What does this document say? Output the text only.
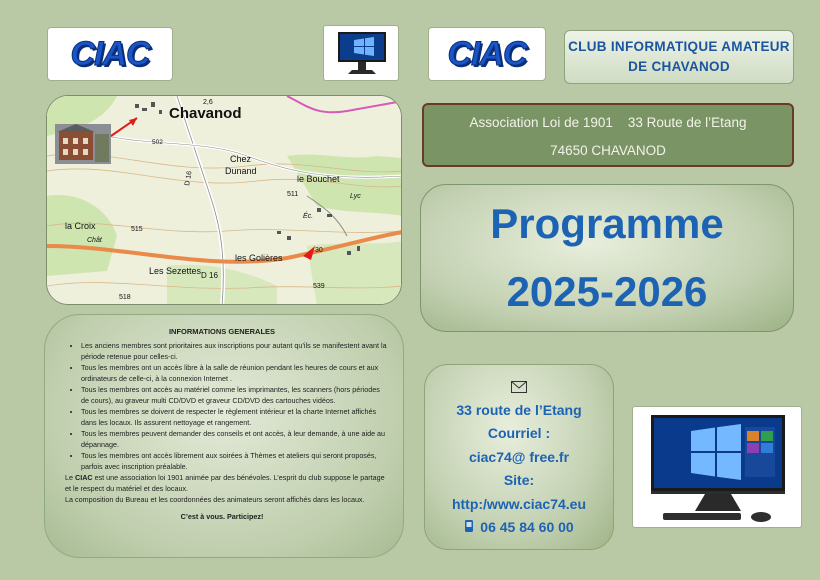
CIAC	CIAC	CLUB INFORMATIQUE AMATEUR
DE CHAVANOD
Chavanod
2,6
502
Chez
Dunand
le Bouchet
511	Lyc
Éc.
D 16
la Croix	515
Chât
Les Sezettes
les Golières
D 16
30
539
518
Association Loi de 1901    33 Route de l’Etang
74650 CHAVANOD
Programme
2025-2026
INFORMATIONS GENERALES
• Les anciens membres sont prioritaires aux inscriptions pour autant qu’ils se manifestent avant la période retenue pour celles-ci.
• Tous les membres ont un accès libre à la salle de réunion pendant les heures de cours et aux ordinateurs de celle-ci, à la connexion Internet .
• Tous les membres ont accès au matériel comme les imprimantes, les scanners (hors périodes de cours), au graveur multi CD/DVD et graveur CD/DVD des cartouches vidéos.
• Tous les membres se doivent de respecter le règlement intérieur et la charte Internet affichés dans les locaux. Ils assurent nettoyage et rangement.
• Tous les membres peuvent demander des conseils et ont accès, à leur demande, à une aide au dépannage.
• Tous les membres ont accès librement aux soirées à Thèmes et ateliers qui seront proposés, parfois avec inscription préalable.
Le CIAC est une association loi 1901 animée par des bénévoles. L’esprit du club suppose le partage et le respect du matériel et des locaux.
La composition du Bureau et les coordonnées des animateurs seront affichés dans les locaux.
C’est à vous. Participez!
33 route de l’Etang
Courriel :
ciac74@ free.fr
Site:
http:/www.ciac74.eu
06 45 84 60 00
